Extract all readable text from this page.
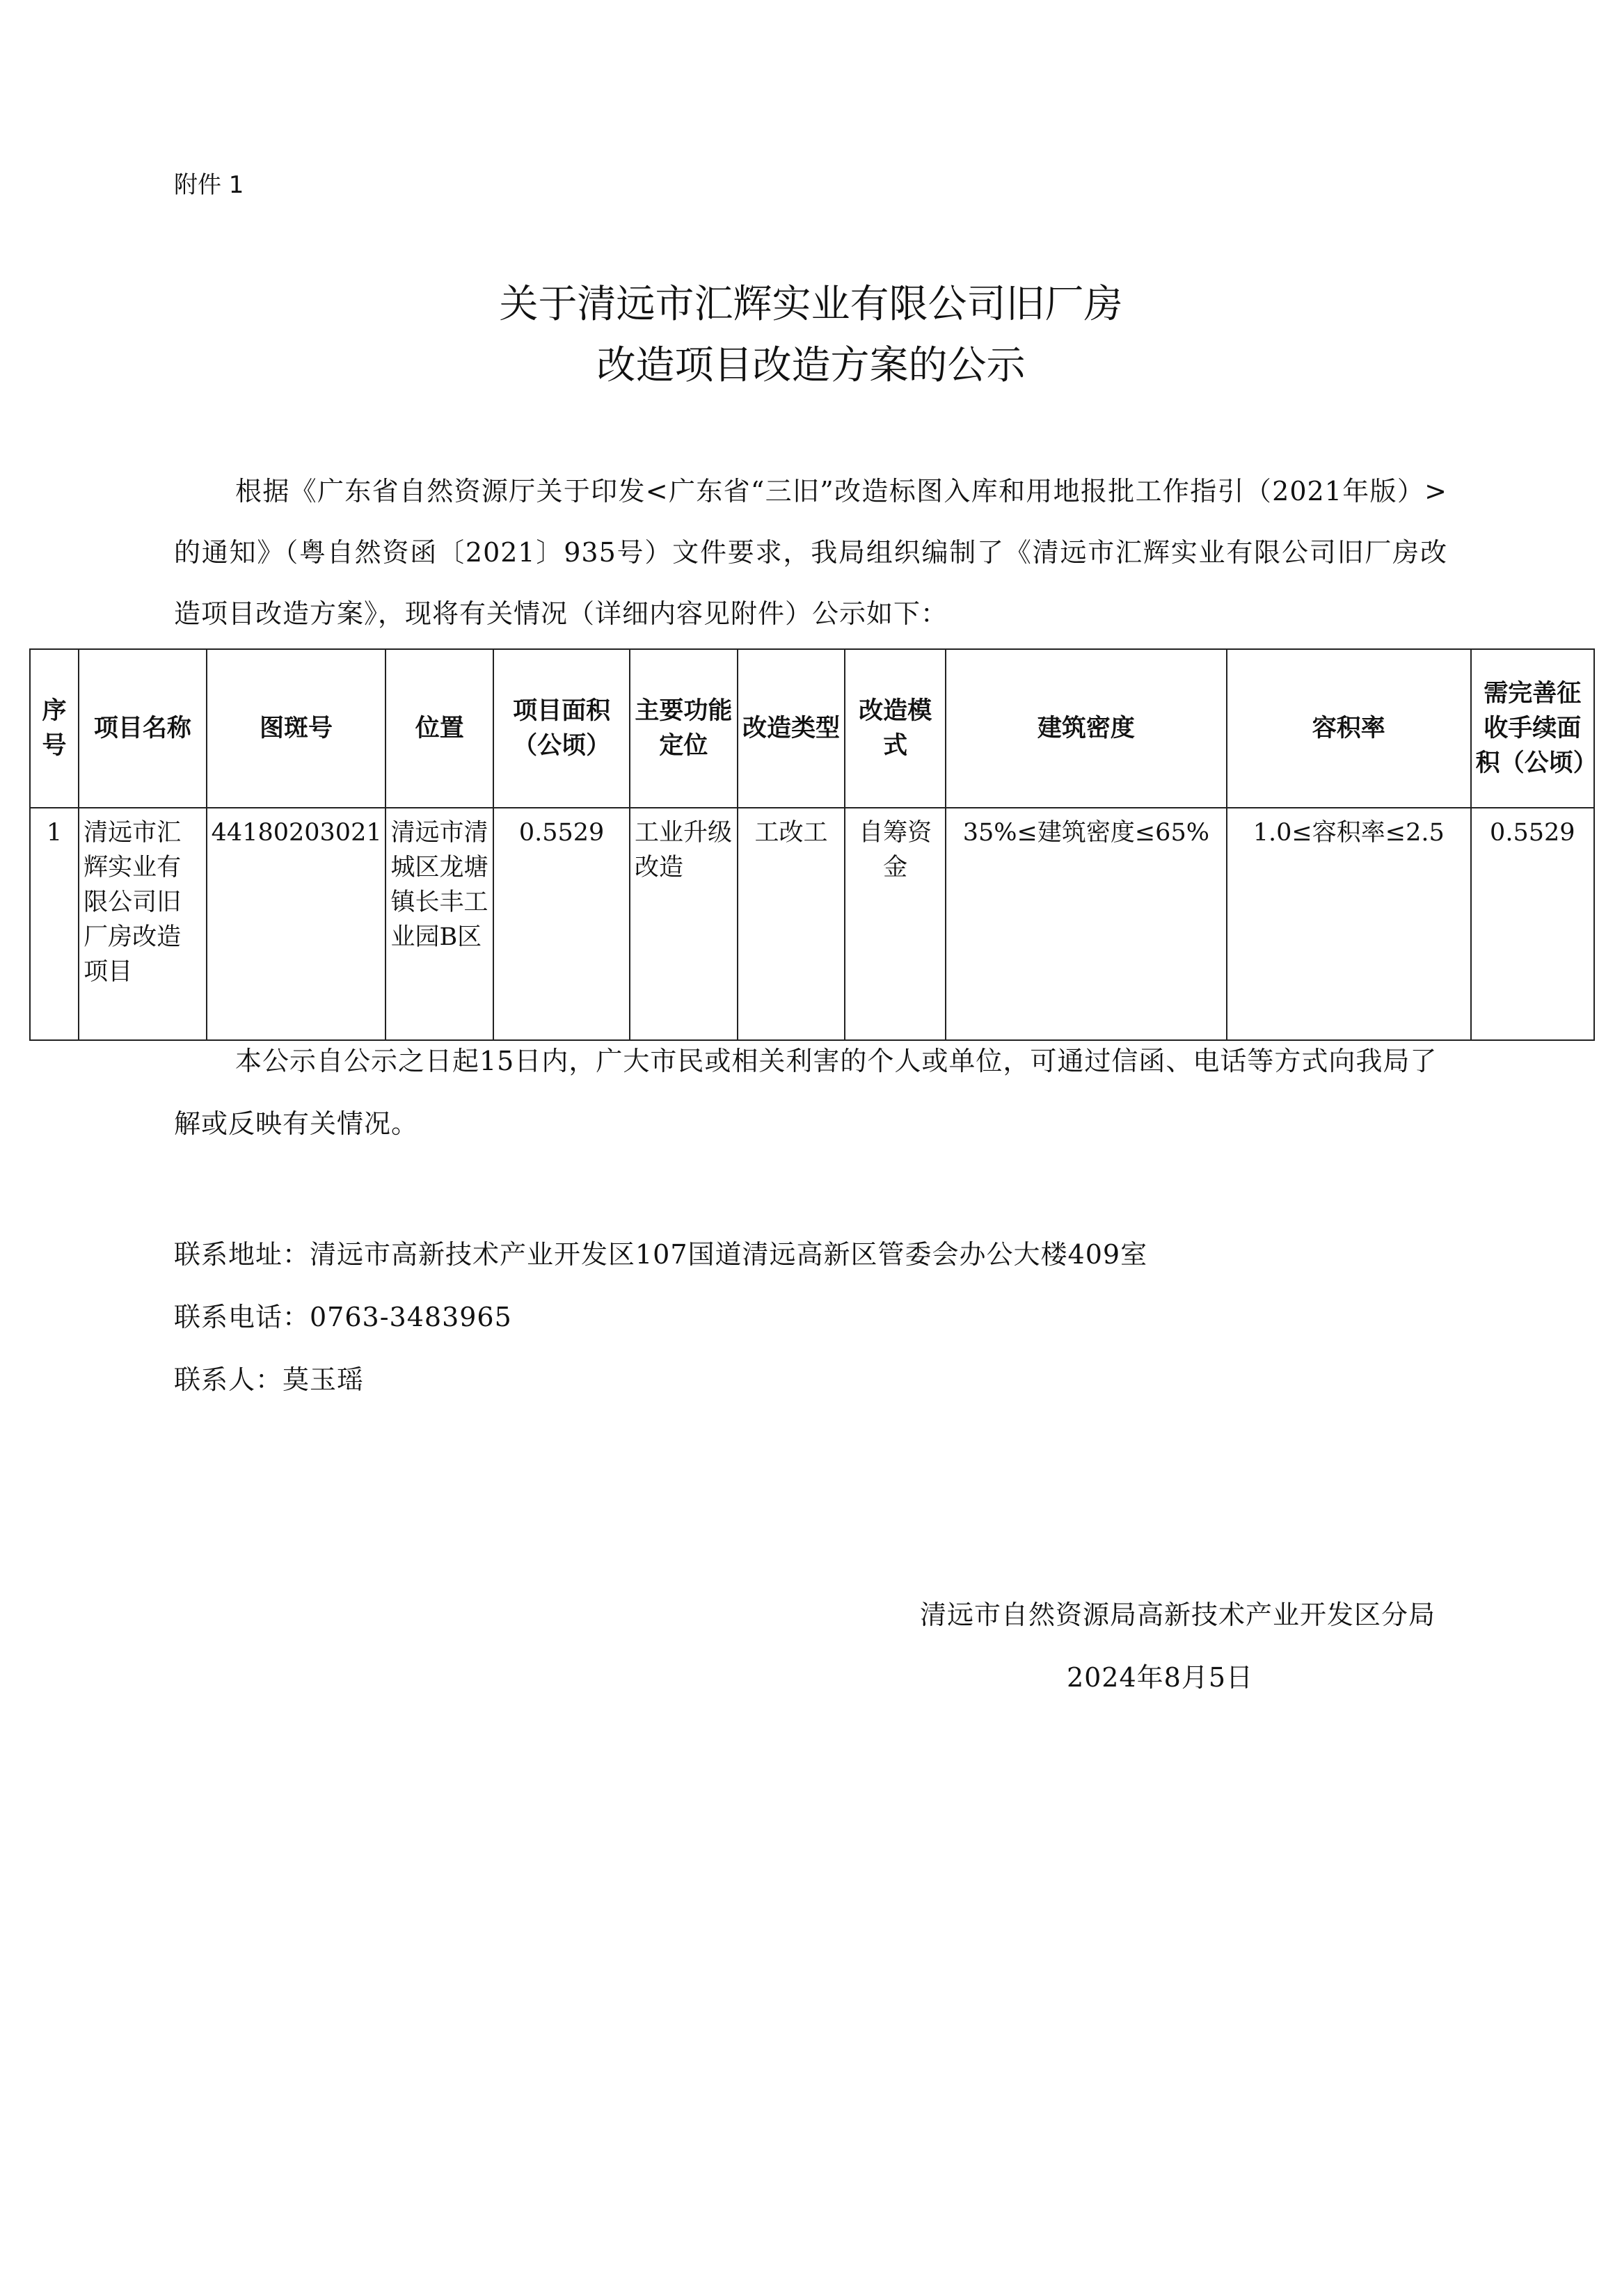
附件 1
关于清远市汇辉实业有限公司旧厂房
改造项目改造方案的公示
根据《广东省自然资源厅关于印发<广东省“三旧”改造标图入库和用地报批工作指引（2021年版）>的通知》（粤自然资函〔2021〕935号）文件要求，我局组织编制了《清远市汇辉实业有限公司旧厂房改造项目改造方案》，现将有关情况（详细内容见附件）公示如下：
序号	项目名称	图斑号	位置	项目面积（公顷）	主要功能定位	改造类型	改造模式	建筑密度	容积率	需完善征收手续面积（公顷）
1	清远市汇辉实业有限公司旧厂房改造项目	44180203021	清远市清城区龙塘镇长丰工业园B区	0.5529	工业升级改造	工改工	自筹资金	35%≤建筑密度≤65%	1.0≤容积率≤2.5	0.5529
本公示自公示之日起15日内，广大市民或相关利害的个人或单位，可通过信函、电话等方式向我局了解或反映有关情况。
联系地址：清远市高新技术产业开发区107国道清远高新区管委会办公大楼409室
联系电话：0763-3483965
联系人：莫玉瑶
清远市自然资源局高新技术产业开发区分局
2024年8月5日
